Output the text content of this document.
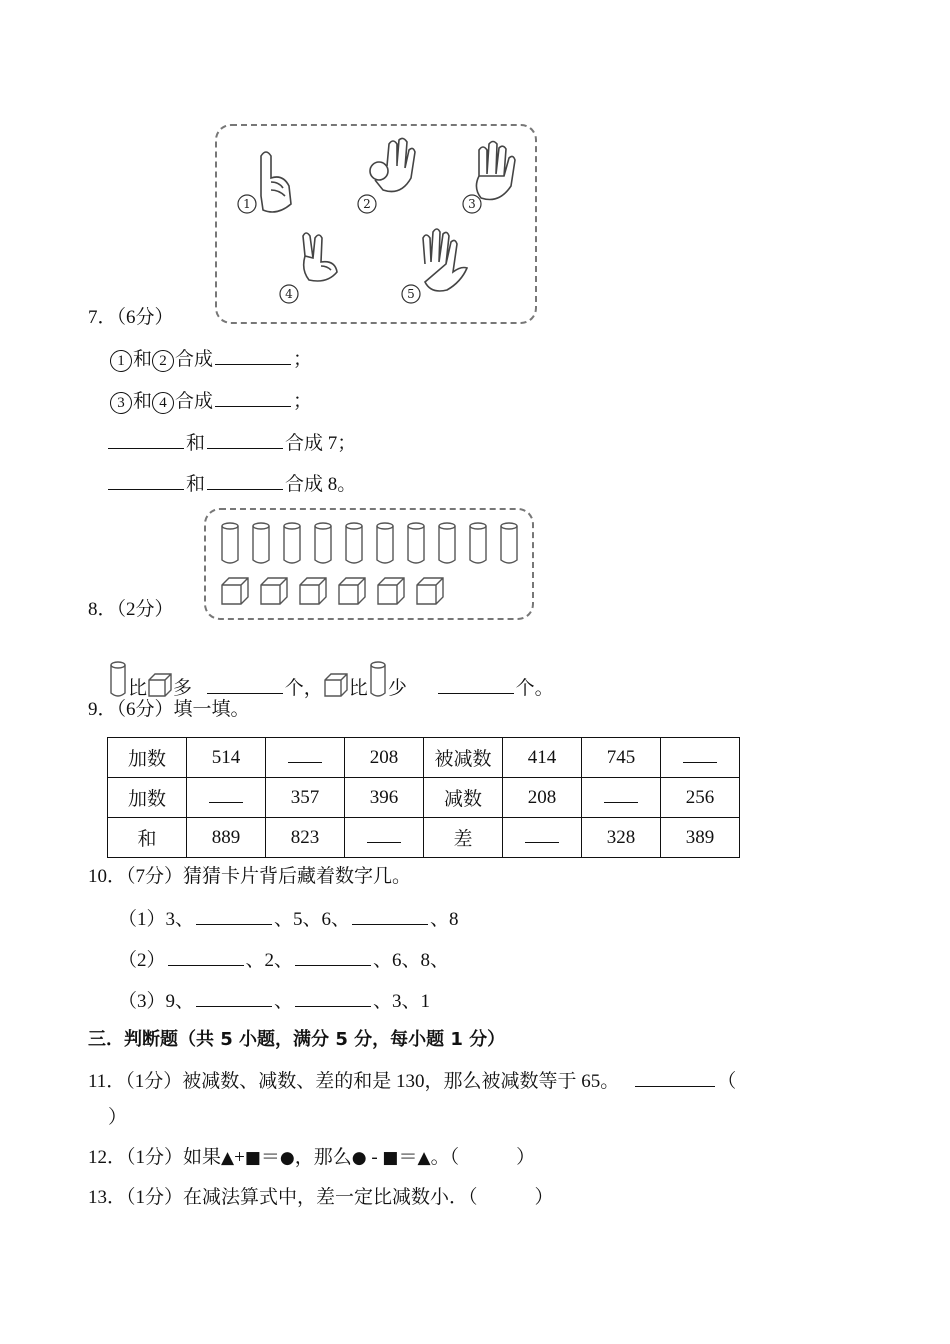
1	2	3
4	5
7．（6分）
1 和 2 合成	；
3 和 4 合成	；
和	合成 7；
和	合成 8。
8．（2分）
比 多	个， 比 少	个。
9．（6分）填一填。
加数	514		208	被减数	414	745	
加数		357	396	减数	208		256
和	889	823		差		328	389
10．（7分）猜猜卡片背后藏着数字几。
（1）3、	、5、6、	、8
（2）	、2、	、6、8、
（3）9、	、	、3、1
三．判断题（共 5 小题，满分 5 分，每小题 1 分）
11．（1分）被减数、减数、差的和是 130，那么被减数等于 65。	（
）
12．（1分）如果▲+■＝●，那么● - ■＝▲。（　　　）
13．（1分）在减法算式中，差一定比减数小．（　　　）
